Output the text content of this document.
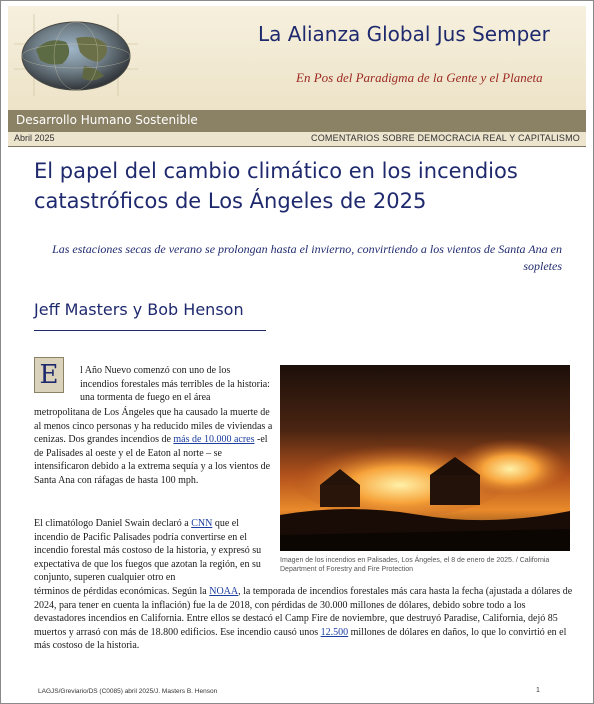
La Alianza Global Jus Semper
En Pos del Paradigma de la Gente y el Planeta
Desarrollo Humano Sostenible
Abril 2025	COMENTARIOS SOBRE DEMOCRACIA REAL Y CAPITALISMO
El papel del cambio climático en los incendios catastróficos de Los Ángeles de 2025
Las estaciones secas de verano se prolongan hasta el invierno, convirtiendo a los vientos de Santa Ana en sopletes
Jeff Masters y Bob Henson
E	l Año Nuevo comenzó con uno de los incendios forestales más terribles de la historia: una tormenta de fuego en el área
metropolitana de Los Ángeles que ha causado la muerte de al menos cinco personas y ha reducido miles de viviendas a cenizas. Dos grandes incendios de más de 10.000 acres -el de Palisades al oeste y el de Eaton al norte – se intensificaron debido a la extrema sequía y a los vientos de Santa Ana con ráfagas de hasta 100 mph.
El climatólogo Daniel Swain declaró a CNN que el incendio de Pacific Palisades podría convertirse en el incendio forestal más costoso de la historia, y expresó su expectativa de que los fuegos que azotan la región, en su conjunto, superen cualquier otro en
Imagen de los incendios en Palisades, Los Ángeles, el 8 de enero de 2025. / California Department of Forestry and Fire Protection
términos de pérdidas económicas. Según la NOAA, la temporada de incendios forestales más cara hasta la fecha (ajustada a dólares de 2024, para tener en cuenta la inflación) fue la de 2018, con pérdidas de 30.000 millones de dólares, debido sobre todo a los devastadores incendios en California. Entre ellos se destacó el Camp Fire de noviembre, que destruyó Paradise, California, dejó 85 muertos y arrasó con más de 18.800 edificios. Ese incendio causó unos 12.500 millones de dólares en daños, lo que lo convirtió en el más costoso de la historia.
LAGJS/Greviario/DS (C0085) abril 2025/J. Masters B. Henson	1
